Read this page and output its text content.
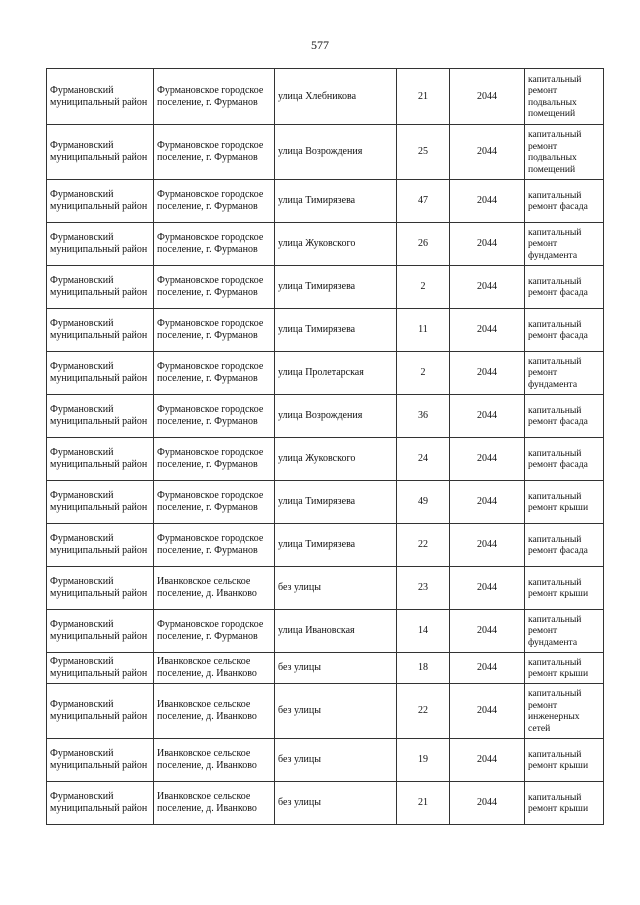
577
Фурмановский муниципальный район	Фурмановское городское поселение, г. Фурманов	улица Хлебникова	21	2044	капитальный ремонт подвальных помещений
Фурмановский муниципальный район	Фурмановское городское поселение, г. Фурманов	улица Возрождения	25	2044	капитальный ремонт подвальных помещений
Фурмановский муниципальный район	Фурмановское городское поселение, г. Фурманов	улица Тимирязева	47	2044	капитальный ремонт фасада
Фурмановский муниципальный район	Фурмановское городское поселение, г. Фурманов	улица Жуковского	26	2044	капитальный ремонт фундамента
Фурмановский муниципальный район	Фурмановское городское поселение, г. Фурманов	улица Тимирязева	2	2044	капитальный ремонт фасада
Фурмановский муниципальный район	Фурмановское городское поселение, г. Фурманов	улица Тимирязева	11	2044	капитальный ремонт фасада
Фурмановский муниципальный район	Фурмановское городское поселение, г. Фурманов	улица Пролетарская	2	2044	капитальный ремонт фундамента
Фурмановский муниципальный район	Фурмановское городское поселение, г. Фурманов	улица Возрождения	36	2044	капитальный ремонт фасада
Фурмановский муниципальный район	Фурмановское городское поселение, г. Фурманов	улица Жуковского	24	2044	капитальный ремонт фасада
Фурмановский муниципальный район	Фурмановское городское поселение, г. Фурманов	улица Тимирязева	49	2044	капитальный ремонт крыши
Фурмановский муниципальный район	Фурмановское городское поселение, г. Фурманов	улица Тимирязева	22	2044	капитальный ремонт фасада
Фурмановский муниципальный район	Иванковское сельское поселение, д. Иванково	без улицы	23	2044	капитальный ремонт крыши
Фурмановский муниципальный район	Фурмановское городское поселение, г. Фурманов	улица Ивановская	14	2044	капитальный ремонт фундамента
Фурмановский муниципальный район	Иванковское сельское поселение, д. Иванково	без улицы	18	2044	капитальный ремонт крыши
Фурмановский муниципальный район	Иванковское сельское поселение, д. Иванково	без улицы	22	2044	капитальный ремонт инженерных сетей
Фурмановский муниципальный район	Иванковское сельское поселение, д. Иванково	без улицы	19	2044	капитальный ремонт крыши
Фурмановский муниципальный район	Иванковское сельское поселение, д. Иванково	без улицы	21	2044	капитальный ремонт крыши
